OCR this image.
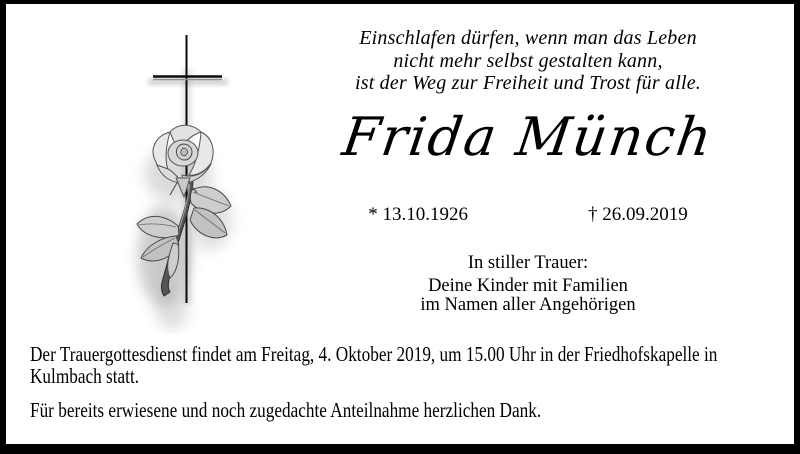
Einschlafen dürfen, wenn man das Leben
nicht mehr selbst gestalten kann,
ist der Weg zur Freiheit und Trost für alle.
Frida Münch
* 13.10.1926	† 26.09.2019
In stiller Trauer:
Deine Kinder mit Familien
im Namen aller Angehörigen
Der Trauergottesdienst findet am Freitag, 4. Oktober 2019, um 15.00 Uhr in der Friedhofskapelle in
Kulmbach statt.
Für bereits erwiesene und noch zugedachte Anteilnahme herzlichen Dank.
